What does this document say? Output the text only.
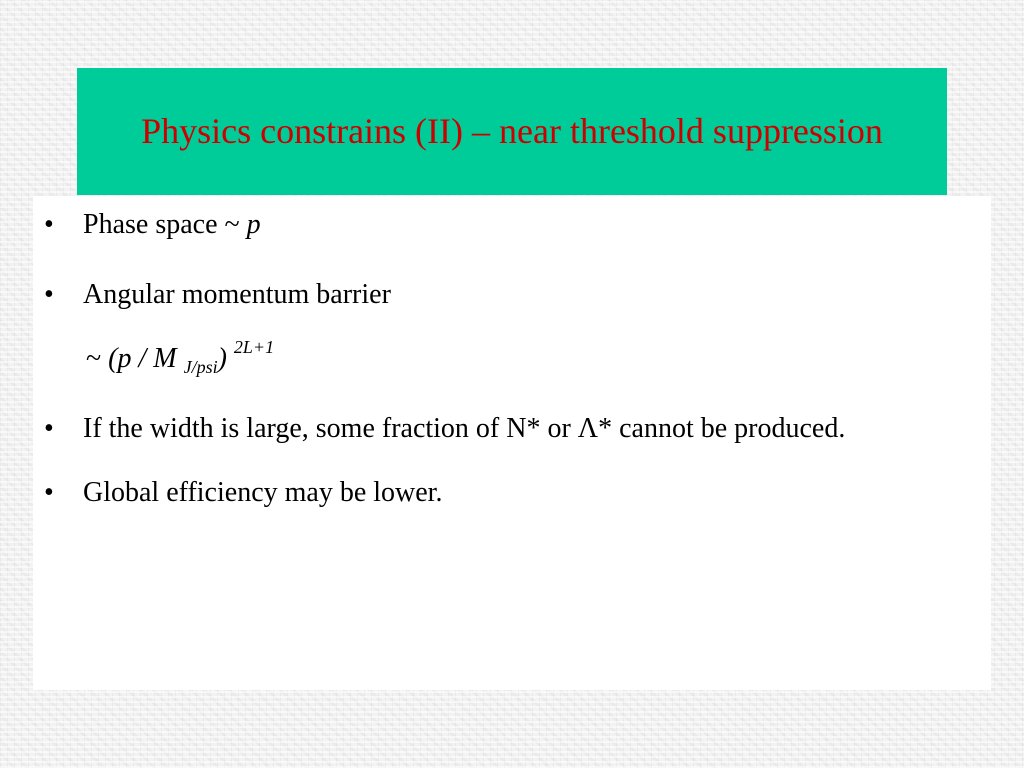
Physics constrains (II) – near threshold suppression
•	Phase space ~ p
•	Angular momentum barrier
~ (p / M $_{J/psi}$) $^{2L+1}$
•	If the width is large, some fraction of N* or Λ* cannot be produced.
•	Global efficiency may be lower.
